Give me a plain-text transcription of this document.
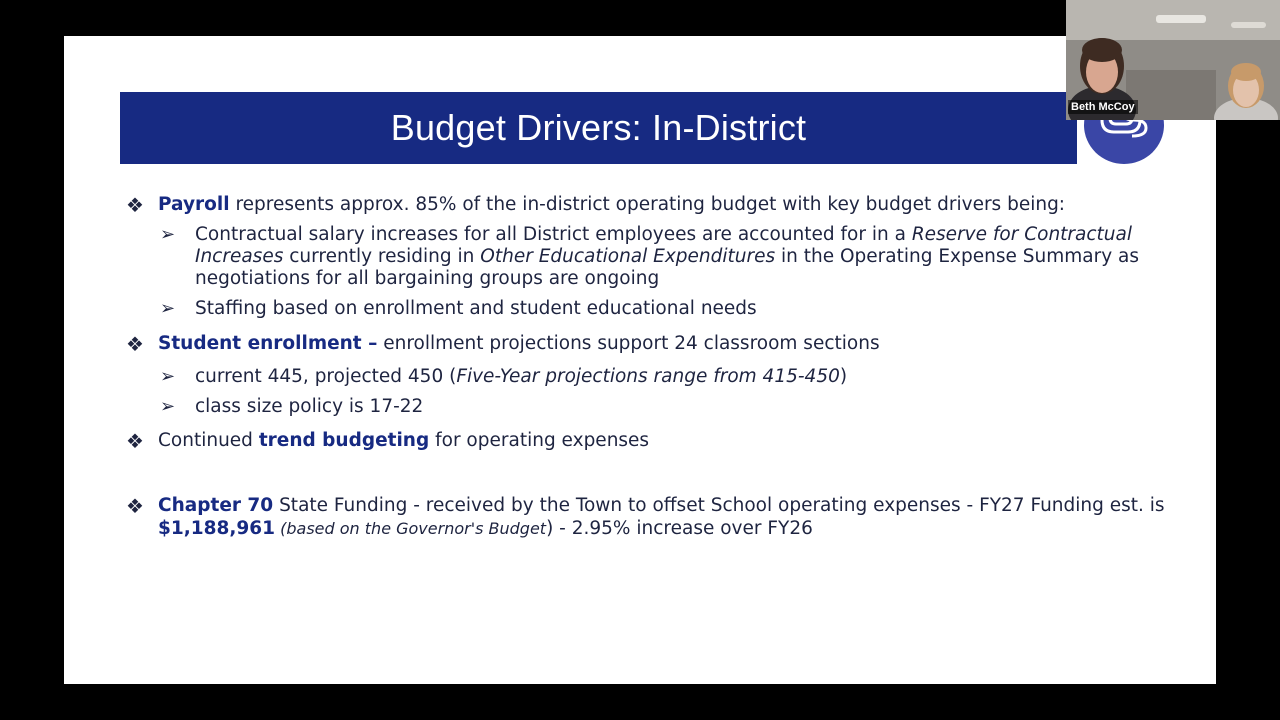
Budget Drivers: In-District
❖ Payroll represents approx. 85% of the in-district operating budget with key budget drivers being:
➢ Contractual salary increases for all District employees are accounted for in a Reserve for Contractual
Increases currently residing in Other Educational Expenditures in the Operating Expense Summary as
negotiations for all bargaining groups are ongoing
➢ Staffing based on enrollment and student educational needs
❖ Student enrollment – enrollment projections support 24 classroom sections
➢ current 445, projected 450 (Five-Year projections range from 415-450)
➢ class size policy is 17-22
❖ Continued trend budgeting for operating expenses
❖ Chapter 70 State Funding - received by the Town to offset School operating expenses - FY27 Funding est. is
$1,188,961 (based on the Governor's Budget) - 2.95% increase over FY26
Beth McCoy
